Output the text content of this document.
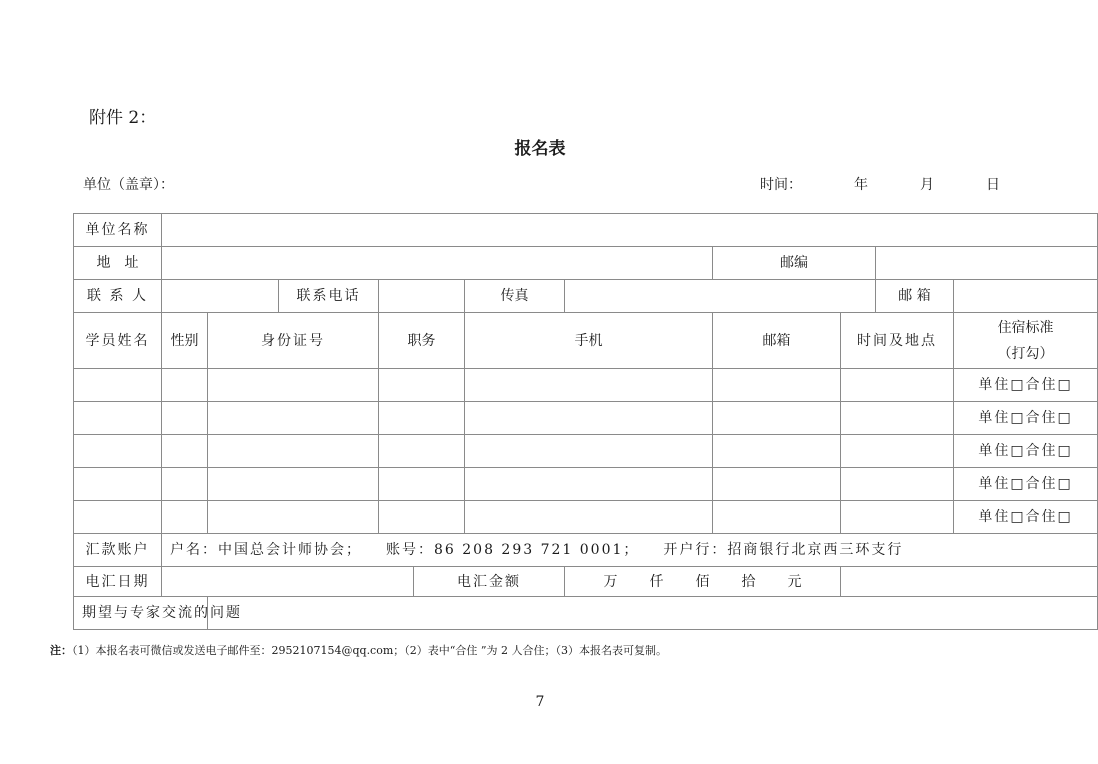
附件 2：
报名表
单位（盖章）：	时间：	年	月	日
单位名称											
地　址								邮编			
联 系 人			联系电话			传真				邮 箱	
学员姓名	性别	身份证号		职务		手机		邮箱	时间及地点		住宿标准
（打勾）

											单住□合住□
											单住□合住□
											单住□合住□
											单住□合住□
											单住□合住□
汇款账户	户名：中国总会计师协会； 账号：86 208 293 721 0001； 开户行：招商银行北京西三环支行										
电汇日期					电汇金额		万 仟 佰 拾 元				
期望与专家交流的问题											
注：（1）本报名表可微信或发送电子邮件至：2952107154@qq.com；（2）表中“合住 ”为 2 人合住；（3）本报名表可复制。
7
